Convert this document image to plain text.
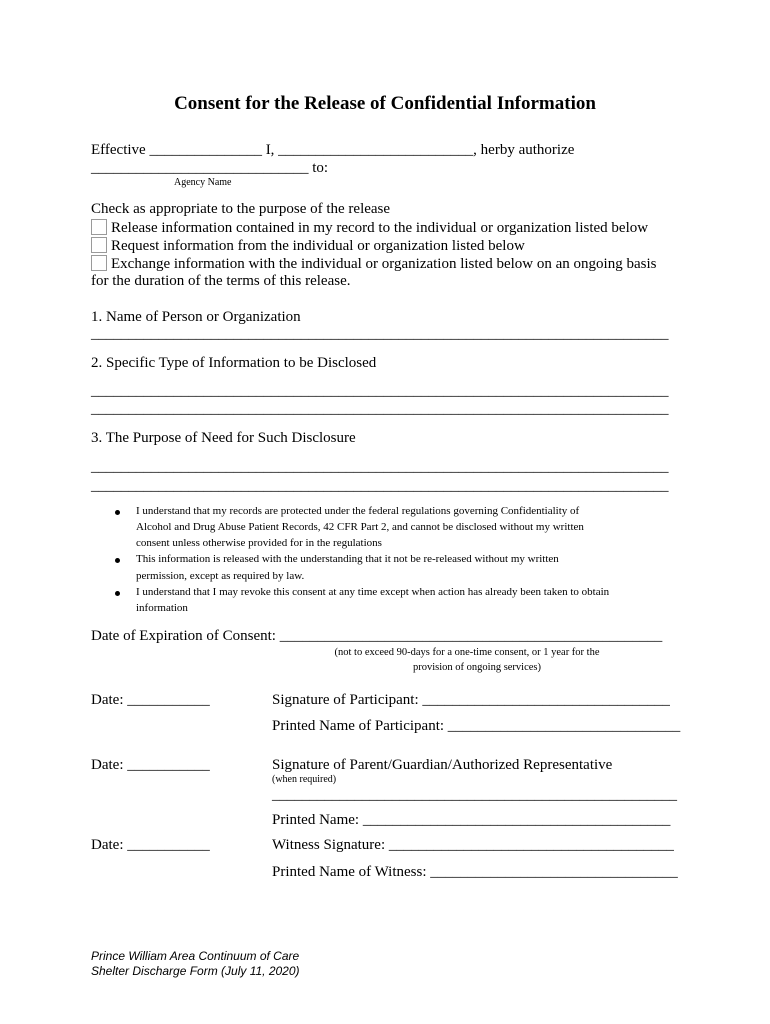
Consent for the Release of Confidential Information
Effective _______________ I, __________________________, herby authorize
_____________________________ to:
Agency Name
Check as appropriate to the purpose of the release
Release information contained in my record to the individual or organization listed below
Request information from the individual or organization listed below
Exchange information with the individual or organization listed below on an ongoing basis
for the duration of the terms of this release.
1. Name of Person or Organization
_____________________________________________________________________________
2. Specific Type of Information to be Disclosed
_____________________________________________________________________________
_____________________________________________________________________________
3. The Purpose of Need for Such Disclosure
_____________________________________________________________________________
_____________________________________________________________________________
I understand that my records are protected under the federal regulations governing Confidentiality of
Alcohol and Drug Abuse Patient Records, 42 CFR Part 2, and cannot be disclosed without my written
consent unless otherwise provided for in the regulations
This information is released with the understanding that it not be re-released without my written
permission, except as required by law.
I understand that I may revoke this consent at any time except when action has already been taken to obtain
information
Date of Expiration of Consent: ___________________________________________________
(not to exceed 90-days for a one-time consent, or 1 year for the
provision of ongoing services)
Date: ___________	Signature of Participant: _________________________________
Printed Name of Participant: _______________________________
Date: ___________	Signature of Parent/Guardian/Authorized Representative
(when required)
______________________________________________________
Printed Name: _________________________________________
Date: ___________	Witness Signature: ______________________________________
Printed Name of Witness: _________________________________
Prince William Area Continuum of Care
Shelter Discharge Form (July 11, 2020)
